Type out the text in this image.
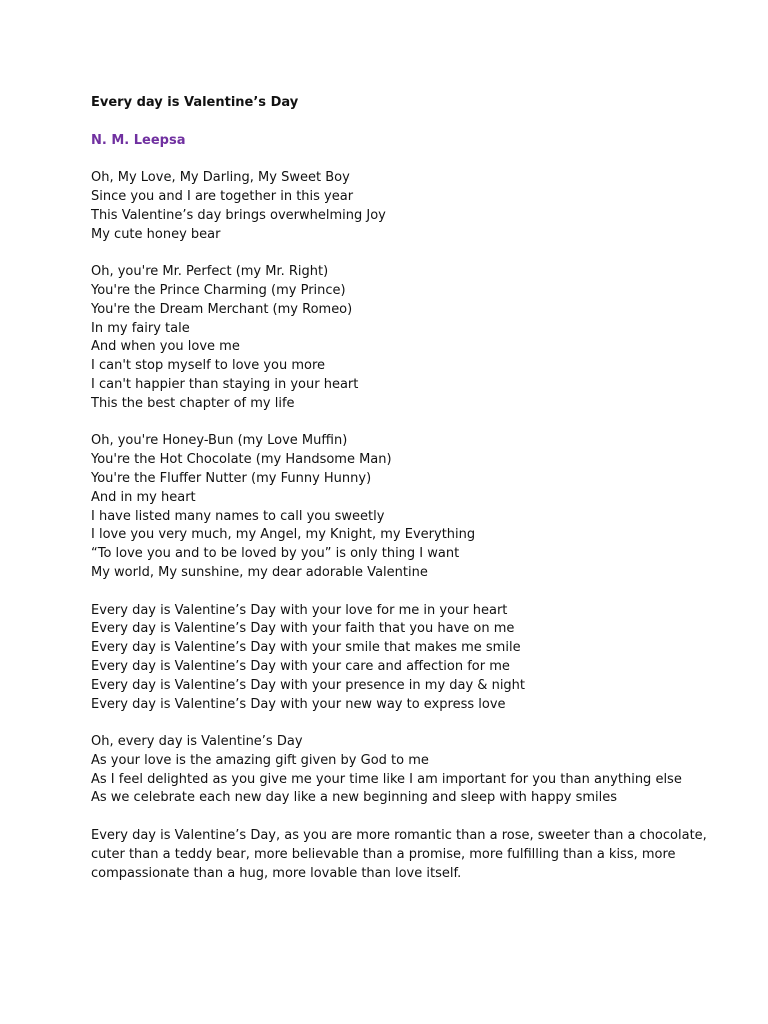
Every day is Valentine’s Day
N. M. Leepsa
Oh, My Love, My Darling, My Sweet Boy
Since you and I are together in this year
This Valentine’s day brings overwhelming Joy
My cute honey bear
Oh, you're Mr. Perfect (my Mr. Right)
You're the Prince Charming (my Prince)
You're the Dream Merchant (my Romeo)
In my fairy tale
And when you love me
I can't stop myself to love you more
I can't happier than staying in your heart
This the best chapter of my life
Oh, you're Honey-Bun (my Love Muffin)
You're the Hot Chocolate (my Handsome Man)
You're the Fluffer Nutter (my Funny Hunny)
And in my heart
I have listed many names to call you sweetly
I love you very much, my Angel, my Knight, my Everything
“To love you and to be loved by you” is only thing I want
My world, My sunshine, my dear adorable Valentine
Every day is Valentine’s Day with your love for me in your heart
Every day is Valentine’s Day with your faith that you have on me
Every day is Valentine’s Day with your smile that makes me smile
Every day is Valentine’s Day with your care and affection for me
Every day is Valentine’s Day with your presence in my day & night
Every day is Valentine’s Day with your new way to express love
Oh, every day is Valentine’s Day
As your love is the amazing gift given by God to me
As I feel delighted as you give me your time like I am important for you than anything else
As we celebrate each new day like a new beginning and sleep with happy smiles

Every day is Valentine’s Day, as you are more romantic than a rose, sweeter than a chocolate, cuter than a teddy bear, more believable than a promise, more fulfilling than a kiss, more compassionate than a hug, more lovable than love itself.
